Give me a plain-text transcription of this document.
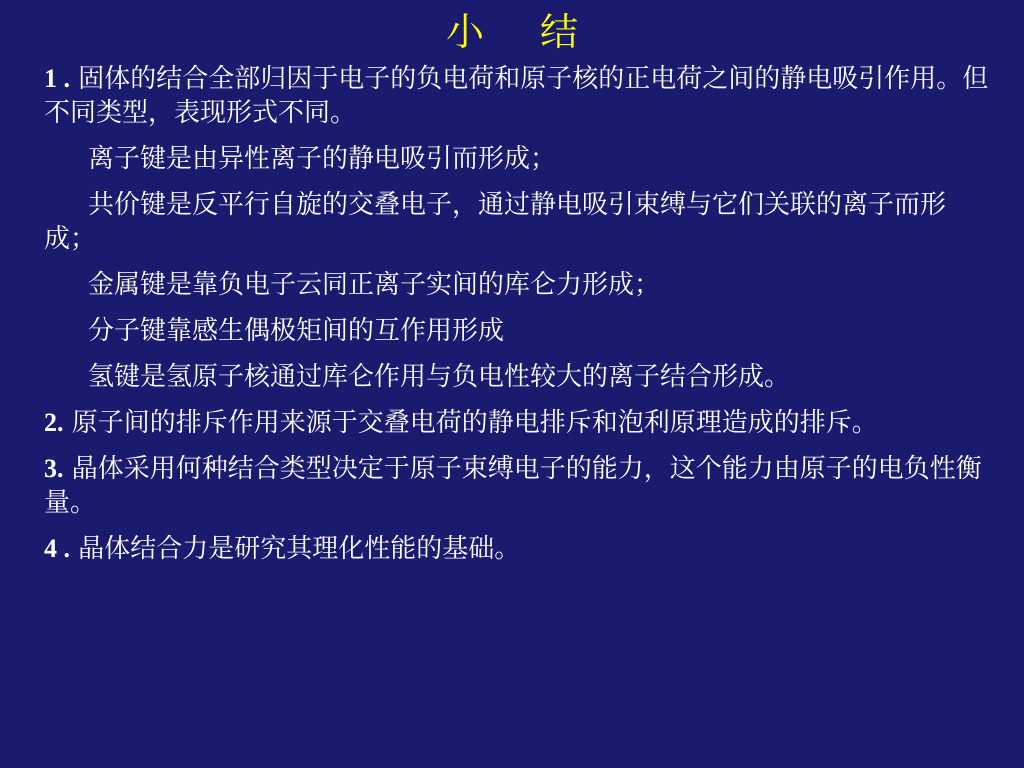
小 结

1 . 固体的结合全部归因于电子的负电荷和原子核的正电荷之间的静电吸引作用。但不同类型，表现形式不同。

离子键是由异性离子的静电吸引而形成；

共价键是反平行自旋的交叠电子，通过静电吸引束缚与它们关联的离子而形成；

金属键是靠负电子云同正离子实间的库仑力形成；

分子键靠感生偶极矩间的互作用形成

氢键是氢原子核通过库仑作用与负电性较大的离子结合形成。

2. 原子间的排斥作用来源于交叠电荷的静电排斥和泡利原理造成的排斥。

3. 晶体采用何种结合类型决定于原子束缚电子的能力，这个能力由原子的电负性衡量。

4 . 晶体结合力是研究其理化性能的基础。
